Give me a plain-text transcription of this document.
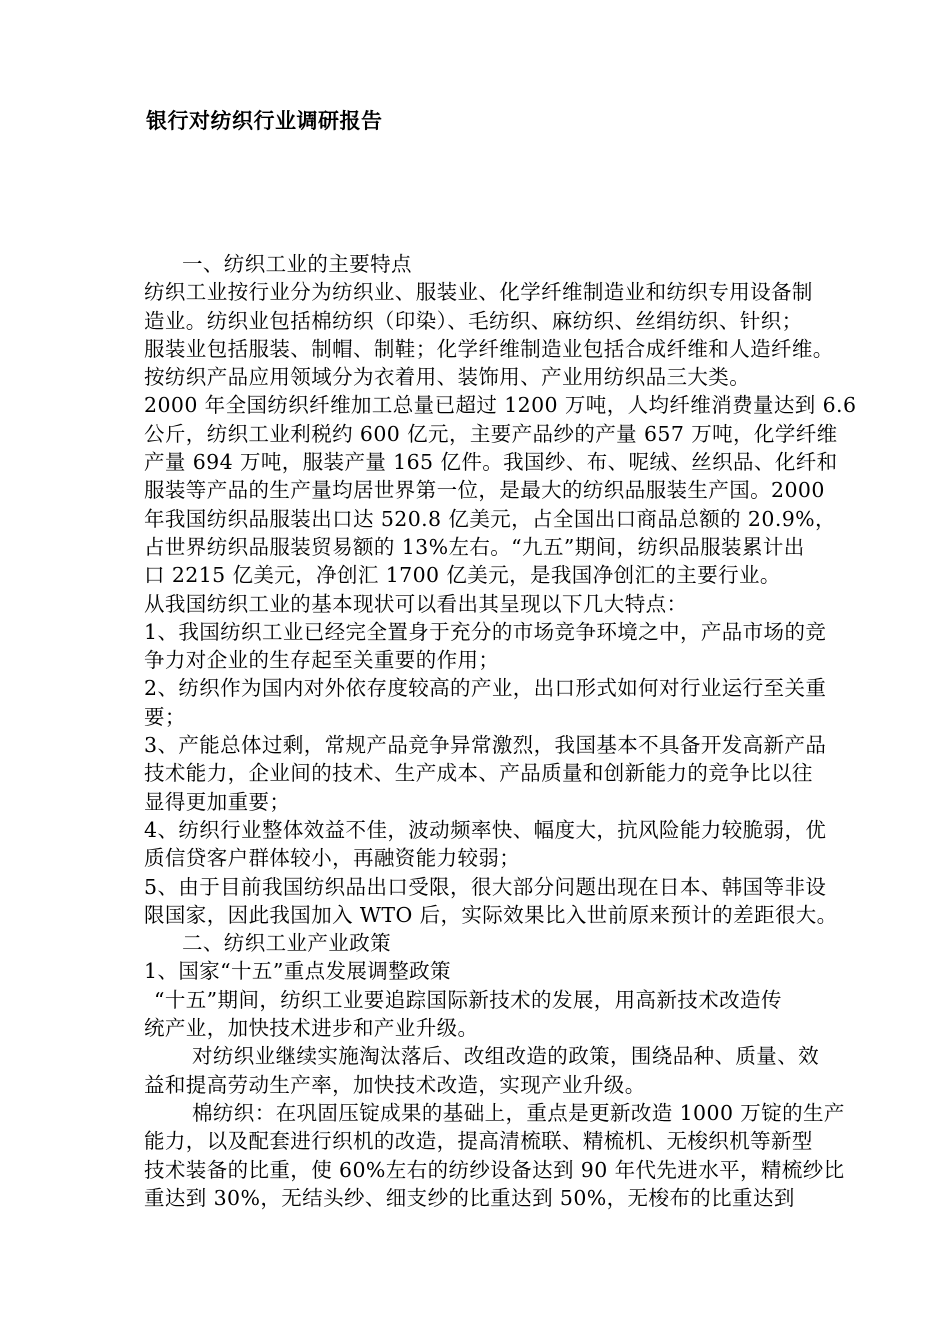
银行对纺织行业调研报告

一、纺织工业的主要特点

纺织工业按行业分为纺织业、服装业、化学纤维制造业和纺织专用设备制

造业。纺织业包括棉纺织（印染）、毛纺织、麻纺织、丝绢纺织、针织；

服装业包括服装、制帽、制鞋；化学纤维制造业包括合成纤维和人造纤维。

按纺织产品应用领域分为衣着用、装饰用、产业用纺织品三大类。

2000 年全国纺织纤维加工总量已超过 1200 万吨，人均纤维消费量达到 6.6

公斤，纺织工业利税约 600 亿元，主要产品纱的产量 657 万吨，化学纤维

产量 694 万吨，服装产量 165 亿件。我国纱、布、呢绒、丝织品、化纤和

服装等产品的生产量均居世界第一位，是最大的纺织品服装生产国。2000

年我国纺织品服装出口达 520.8 亿美元，占全国出口商品总额的 20.9%，

占世界纺织品服装贸易额的 13%左右。“九五”期间，纺织品服装累计出

口 2215 亿美元，净创汇 1700 亿美元，是我国净创汇的主要行业。

从我国纺织工业的基本现状可以看出其呈现以下几大特点：

1、我国纺织工业已经完全置身于充分的市场竞争环境之中，产品市场的竞

争力对企业的生存起至关重要的作用；

2、纺织作为国内对外依存度较高的产业，出口形式如何对行业运行至关重

要；

3、产能总体过剩，常规产品竞争异常激烈，我国基本不具备开发高新产品

技术能力，企业间的技术、生产成本、产品质量和创新能力的竞争比以往

显得更加重要；

4、纺织行业整体效益不佳，波动频率快、幅度大，抗风险能力较脆弱，优

质信贷客户群体较小，再融资能力较弱；

5、由于目前我国纺织品出口受限，很大部分问题出现在日本、韩国等非设

限国家，因此我国加入 WTO 后，实际效果比入世前原来预计的差距很大。

二、纺织工业产业政策

1、国家“十五”重点发展调整政策

“十五”期间，纺织工业要追踪国际新技术的发展，用高新技术改造传

统产业，加快技术进步和产业升级。

对纺织业继续实施淘汰落后、改组改造的政策，围绕品种、质量、效

益和提高劳动生产率，加快技术改造，实现产业升级。

棉纺织：在巩固压锭成果的基础上，重点是更新改造 1000 万锭的生产

能力，以及配套进行织机的改造，提高清梳联、精梳机、无梭织机等新型

技术装备的比重，使 60%左右的纺纱设备达到 90 年代先进水平，精梳纱比

重达到 30%，无结头纱、细支纱的比重达到 50%，无梭布的比重达到
